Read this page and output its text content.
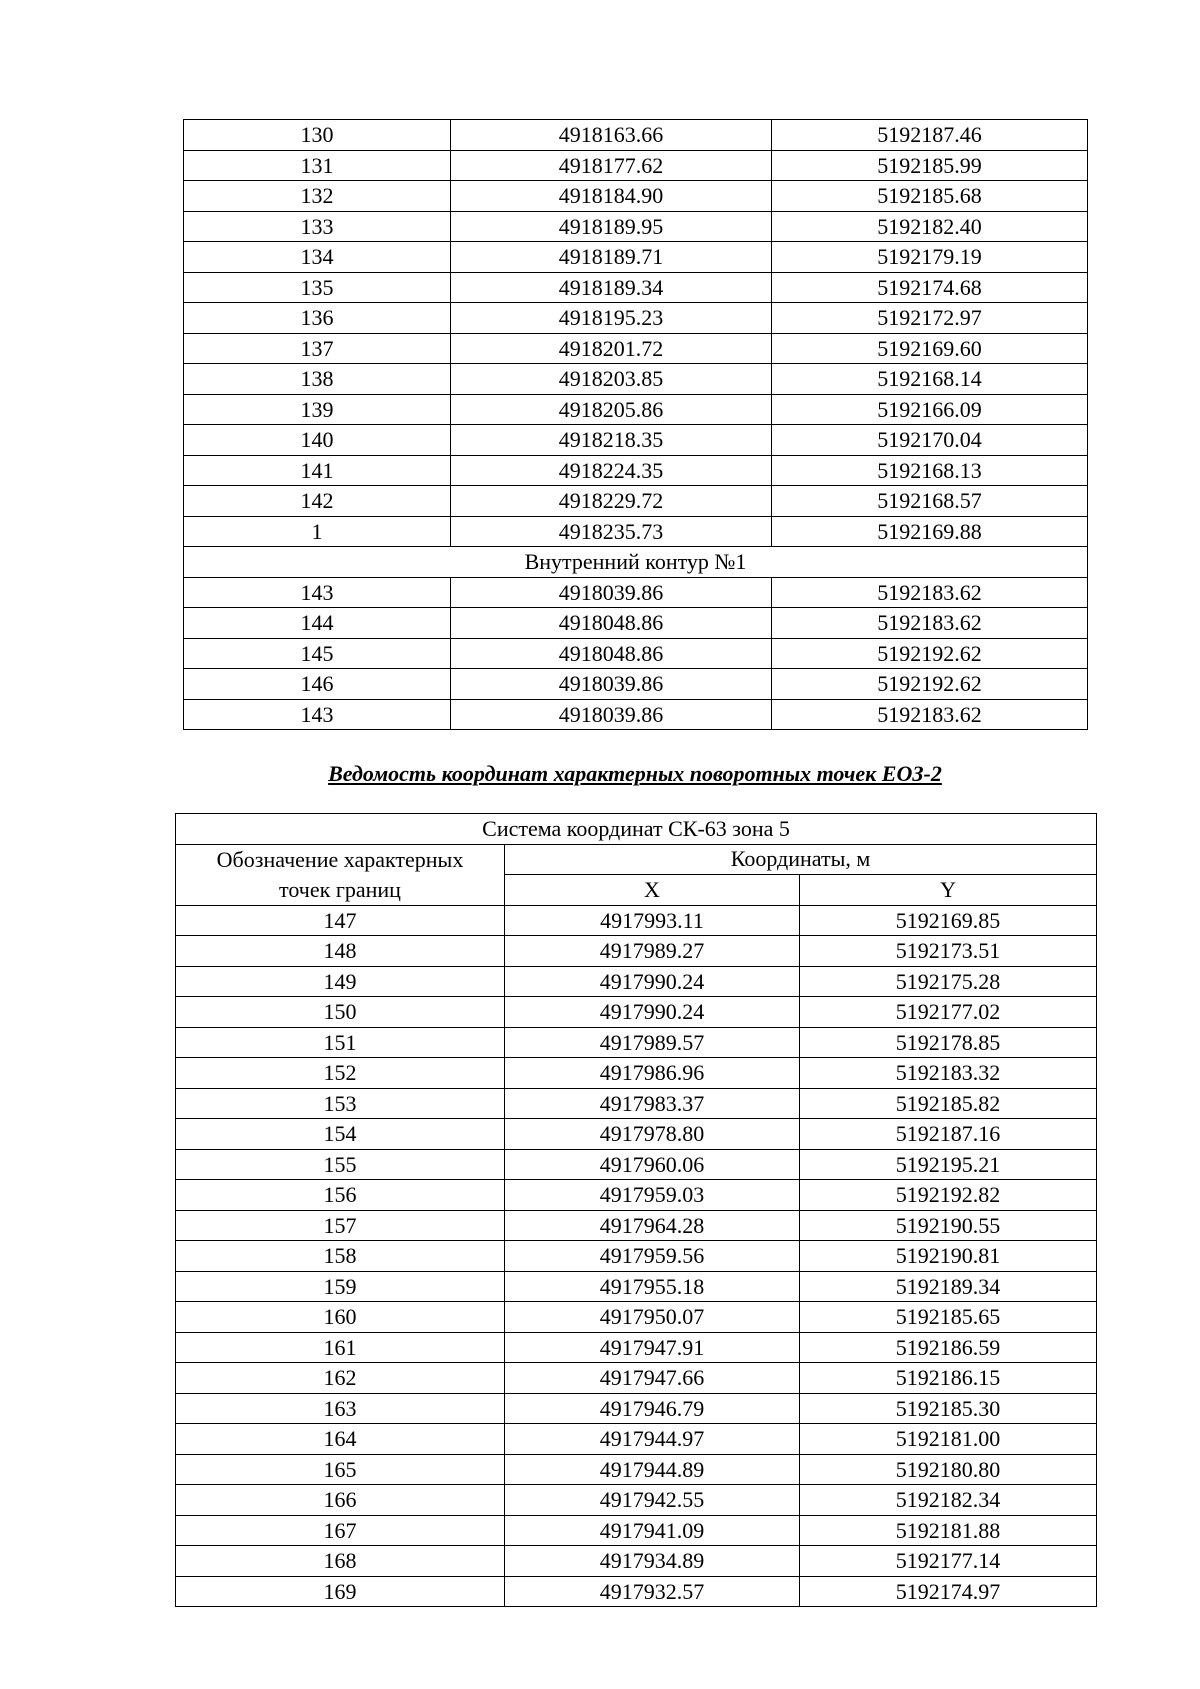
130	4918163.66	5192187.46
131	4918177.62	5192185.99
132	4918184.90	5192185.68
133	4918189.95	5192182.40
134	4918189.71	5192179.19
135	4918189.34	5192174.68
136	4918195.23	5192172.97
137	4918201.72	5192169.60
138	4918203.85	5192168.14
139	4918205.86	5192166.09
140	4918218.35	5192170.04
141	4918224.35	5192168.13
142	4918229.72	5192168.57
1	4918235.73	5192169.88
Внутренний контур №1		
143	4918039.86	5192183.62
144	4918048.86	5192183.62
145	4918048.86	5192192.62
146	4918039.86	5192192.62
143	4918039.86	5192183.62
Ведомость координат характерных поворотных точек ЕОЗ-2
Система координат СК-63 зона 5		

Обозначение характерных
точек границ	Координаты, м	
	X	Y
147	4917993.11	5192169.85
148	4917989.27	5192173.51
149	4917990.24	5192175.28
150	4917990.24	5192177.02
151	4917989.57	5192178.85
152	4917986.96	5192183.32
153	4917983.37	5192185.82
154	4917978.80	5192187.16
155	4917960.06	5192195.21
156	4917959.03	5192192.82
157	4917964.28	5192190.55
158	4917959.56	5192190.81
159	4917955.18	5192189.34
160	4917950.07	5192185.65
161	4917947.91	5192186.59
162	4917947.66	5192186.15
163	4917946.79	5192185.30
164	4917944.97	5192181.00
165	4917944.89	5192180.80
166	4917942.55	5192182.34
167	4917941.09	5192181.88
168	4917934.89	5192177.14
169	4917932.57	5192174.97
